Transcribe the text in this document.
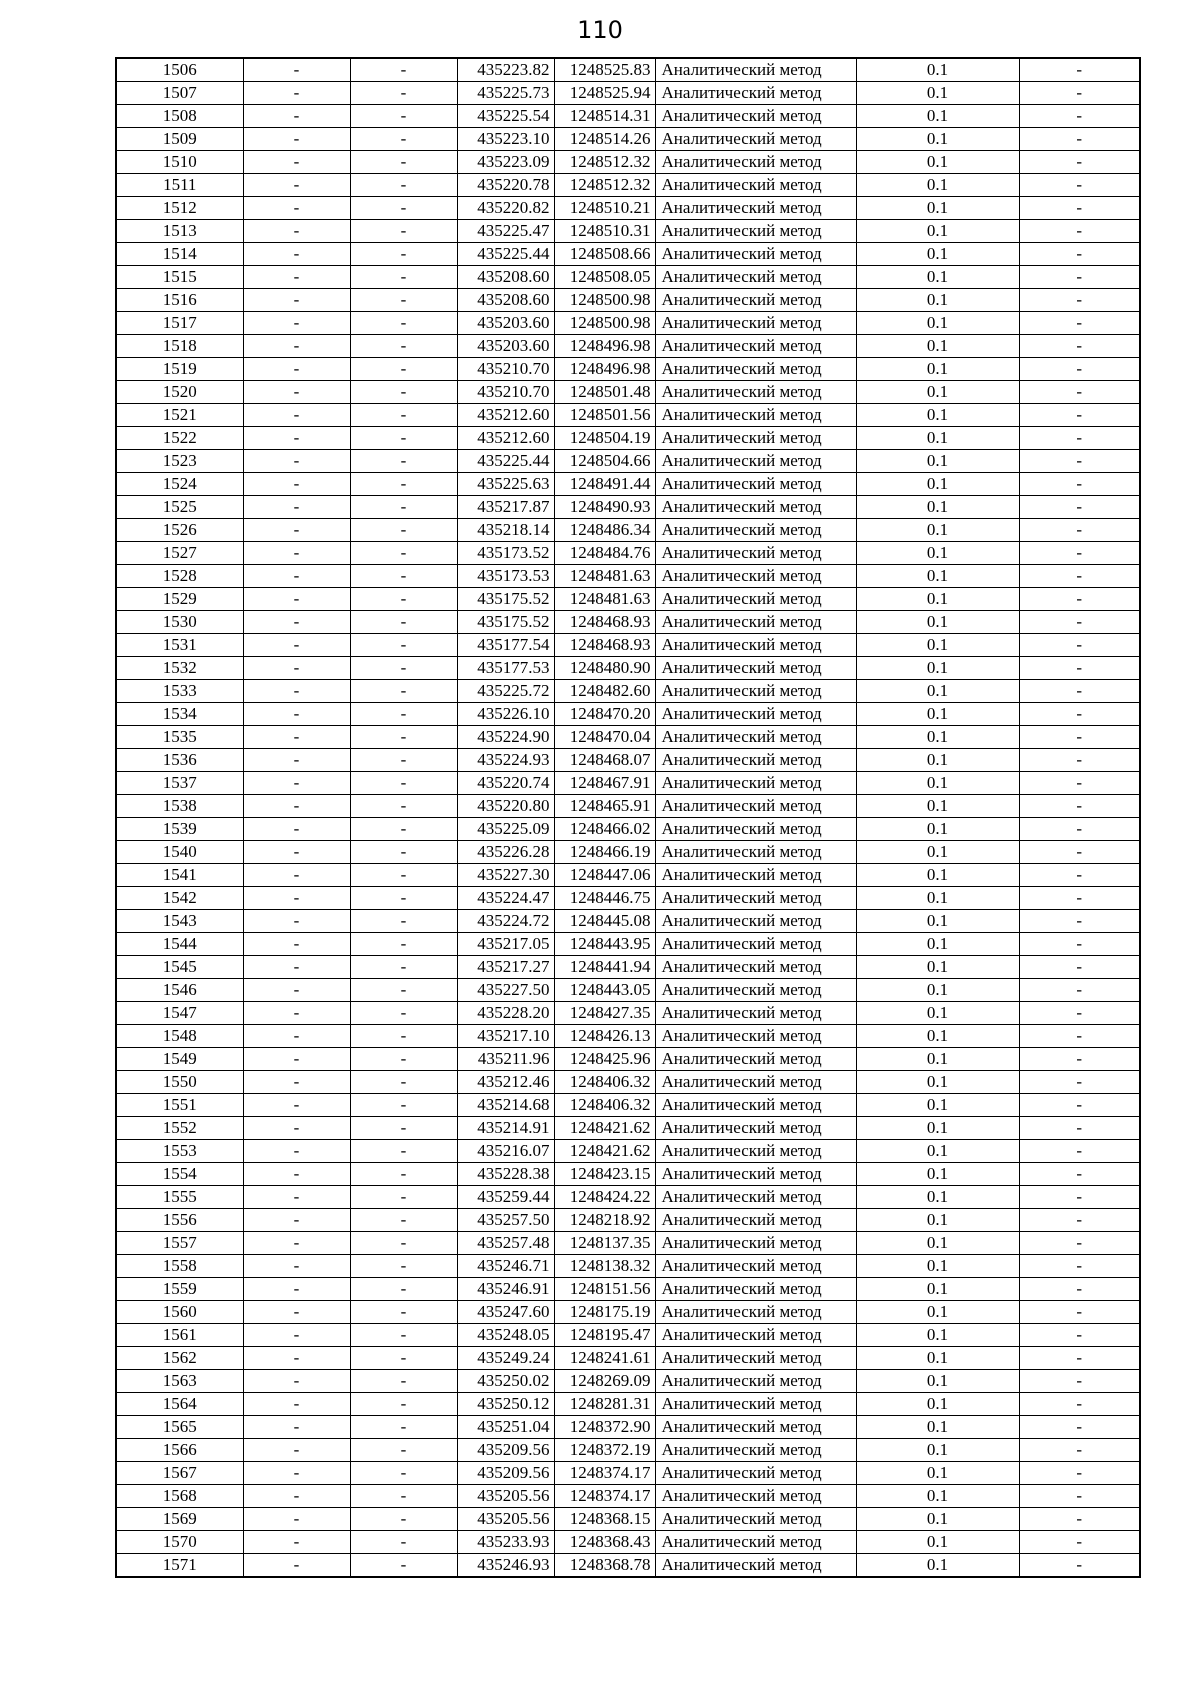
110
1506	-	-	435223.82	1248525.83	Аналитический метод	0.1	-
1507	-	-	435225.73	1248525.94	Аналитический метод	0.1	-
1508	-	-	435225.54	1248514.31	Аналитический метод	0.1	-
1509	-	-	435223.10	1248514.26	Аналитический метод	0.1	-
1510	-	-	435223.09	1248512.32	Аналитический метод	0.1	-
1511	-	-	435220.78	1248512.32	Аналитический метод	0.1	-
1512	-	-	435220.82	1248510.21	Аналитический метод	0.1	-
1513	-	-	435225.47	1248510.31	Аналитический метод	0.1	-
1514	-	-	435225.44	1248508.66	Аналитический метод	0.1	-
1515	-	-	435208.60	1248508.05	Аналитический метод	0.1	-
1516	-	-	435208.60	1248500.98	Аналитический метод	0.1	-
1517	-	-	435203.60	1248500.98	Аналитический метод	0.1	-
1518	-	-	435203.60	1248496.98	Аналитический метод	0.1	-
1519	-	-	435210.70	1248496.98	Аналитический метод	0.1	-
1520	-	-	435210.70	1248501.48	Аналитический метод	0.1	-
1521	-	-	435212.60	1248501.56	Аналитический метод	0.1	-
1522	-	-	435212.60	1248504.19	Аналитический метод	0.1	-
1523	-	-	435225.44	1248504.66	Аналитический метод	0.1	-
1524	-	-	435225.63	1248491.44	Аналитический метод	0.1	-
1525	-	-	435217.87	1248490.93	Аналитический метод	0.1	-
1526	-	-	435218.14	1248486.34	Аналитический метод	0.1	-
1527	-	-	435173.52	1248484.76	Аналитический метод	0.1	-
1528	-	-	435173.53	1248481.63	Аналитический метод	0.1	-
1529	-	-	435175.52	1248481.63	Аналитический метод	0.1	-
1530	-	-	435175.52	1248468.93	Аналитический метод	0.1	-
1531	-	-	435177.54	1248468.93	Аналитический метод	0.1	-
1532	-	-	435177.53	1248480.90	Аналитический метод	0.1	-
1533	-	-	435225.72	1248482.60	Аналитический метод	0.1	-
1534	-	-	435226.10	1248470.20	Аналитический метод	0.1	-
1535	-	-	435224.90	1248470.04	Аналитический метод	0.1	-
1536	-	-	435224.93	1248468.07	Аналитический метод	0.1	-
1537	-	-	435220.74	1248467.91	Аналитический метод	0.1	-
1538	-	-	435220.80	1248465.91	Аналитический метод	0.1	-
1539	-	-	435225.09	1248466.02	Аналитический метод	0.1	-
1540	-	-	435226.28	1248466.19	Аналитический метод	0.1	-
1541	-	-	435227.30	1248447.06	Аналитический метод	0.1	-
1542	-	-	435224.47	1248446.75	Аналитический метод	0.1	-
1543	-	-	435224.72	1248445.08	Аналитический метод	0.1	-
1544	-	-	435217.05	1248443.95	Аналитический метод	0.1	-
1545	-	-	435217.27	1248441.94	Аналитический метод	0.1	-
1546	-	-	435227.50	1248443.05	Аналитический метод	0.1	-
1547	-	-	435228.20	1248427.35	Аналитический метод	0.1	-
1548	-	-	435217.10	1248426.13	Аналитический метод	0.1	-
1549	-	-	435211.96	1248425.96	Аналитический метод	0.1	-
1550	-	-	435212.46	1248406.32	Аналитический метод	0.1	-
1551	-	-	435214.68	1248406.32	Аналитический метод	0.1	-
1552	-	-	435214.91	1248421.62	Аналитический метод	0.1	-
1553	-	-	435216.07	1248421.62	Аналитический метод	0.1	-
1554	-	-	435228.38	1248423.15	Аналитический метод	0.1	-
1555	-	-	435259.44	1248424.22	Аналитический метод	0.1	-
1556	-	-	435257.50	1248218.92	Аналитический метод	0.1	-
1557	-	-	435257.48	1248137.35	Аналитический метод	0.1	-
1558	-	-	435246.71	1248138.32	Аналитический метод	0.1	-
1559	-	-	435246.91	1248151.56	Аналитический метод	0.1	-
1560	-	-	435247.60	1248175.19	Аналитический метод	0.1	-
1561	-	-	435248.05	1248195.47	Аналитический метод	0.1	-
1562	-	-	435249.24	1248241.61	Аналитический метод	0.1	-
1563	-	-	435250.02	1248269.09	Аналитический метод	0.1	-
1564	-	-	435250.12	1248281.31	Аналитический метод	0.1	-
1565	-	-	435251.04	1248372.90	Аналитический метод	0.1	-
1566	-	-	435209.56	1248372.19	Аналитический метод	0.1	-
1567	-	-	435209.56	1248374.17	Аналитический метод	0.1	-
1568	-	-	435205.56	1248374.17	Аналитический метод	0.1	-
1569	-	-	435205.56	1248368.15	Аналитический метод	0.1	-
1570	-	-	435233.93	1248368.43	Аналитический метод	0.1	-
1571	-	-	435246.93	1248368.78	Аналитический метод	0.1	-
